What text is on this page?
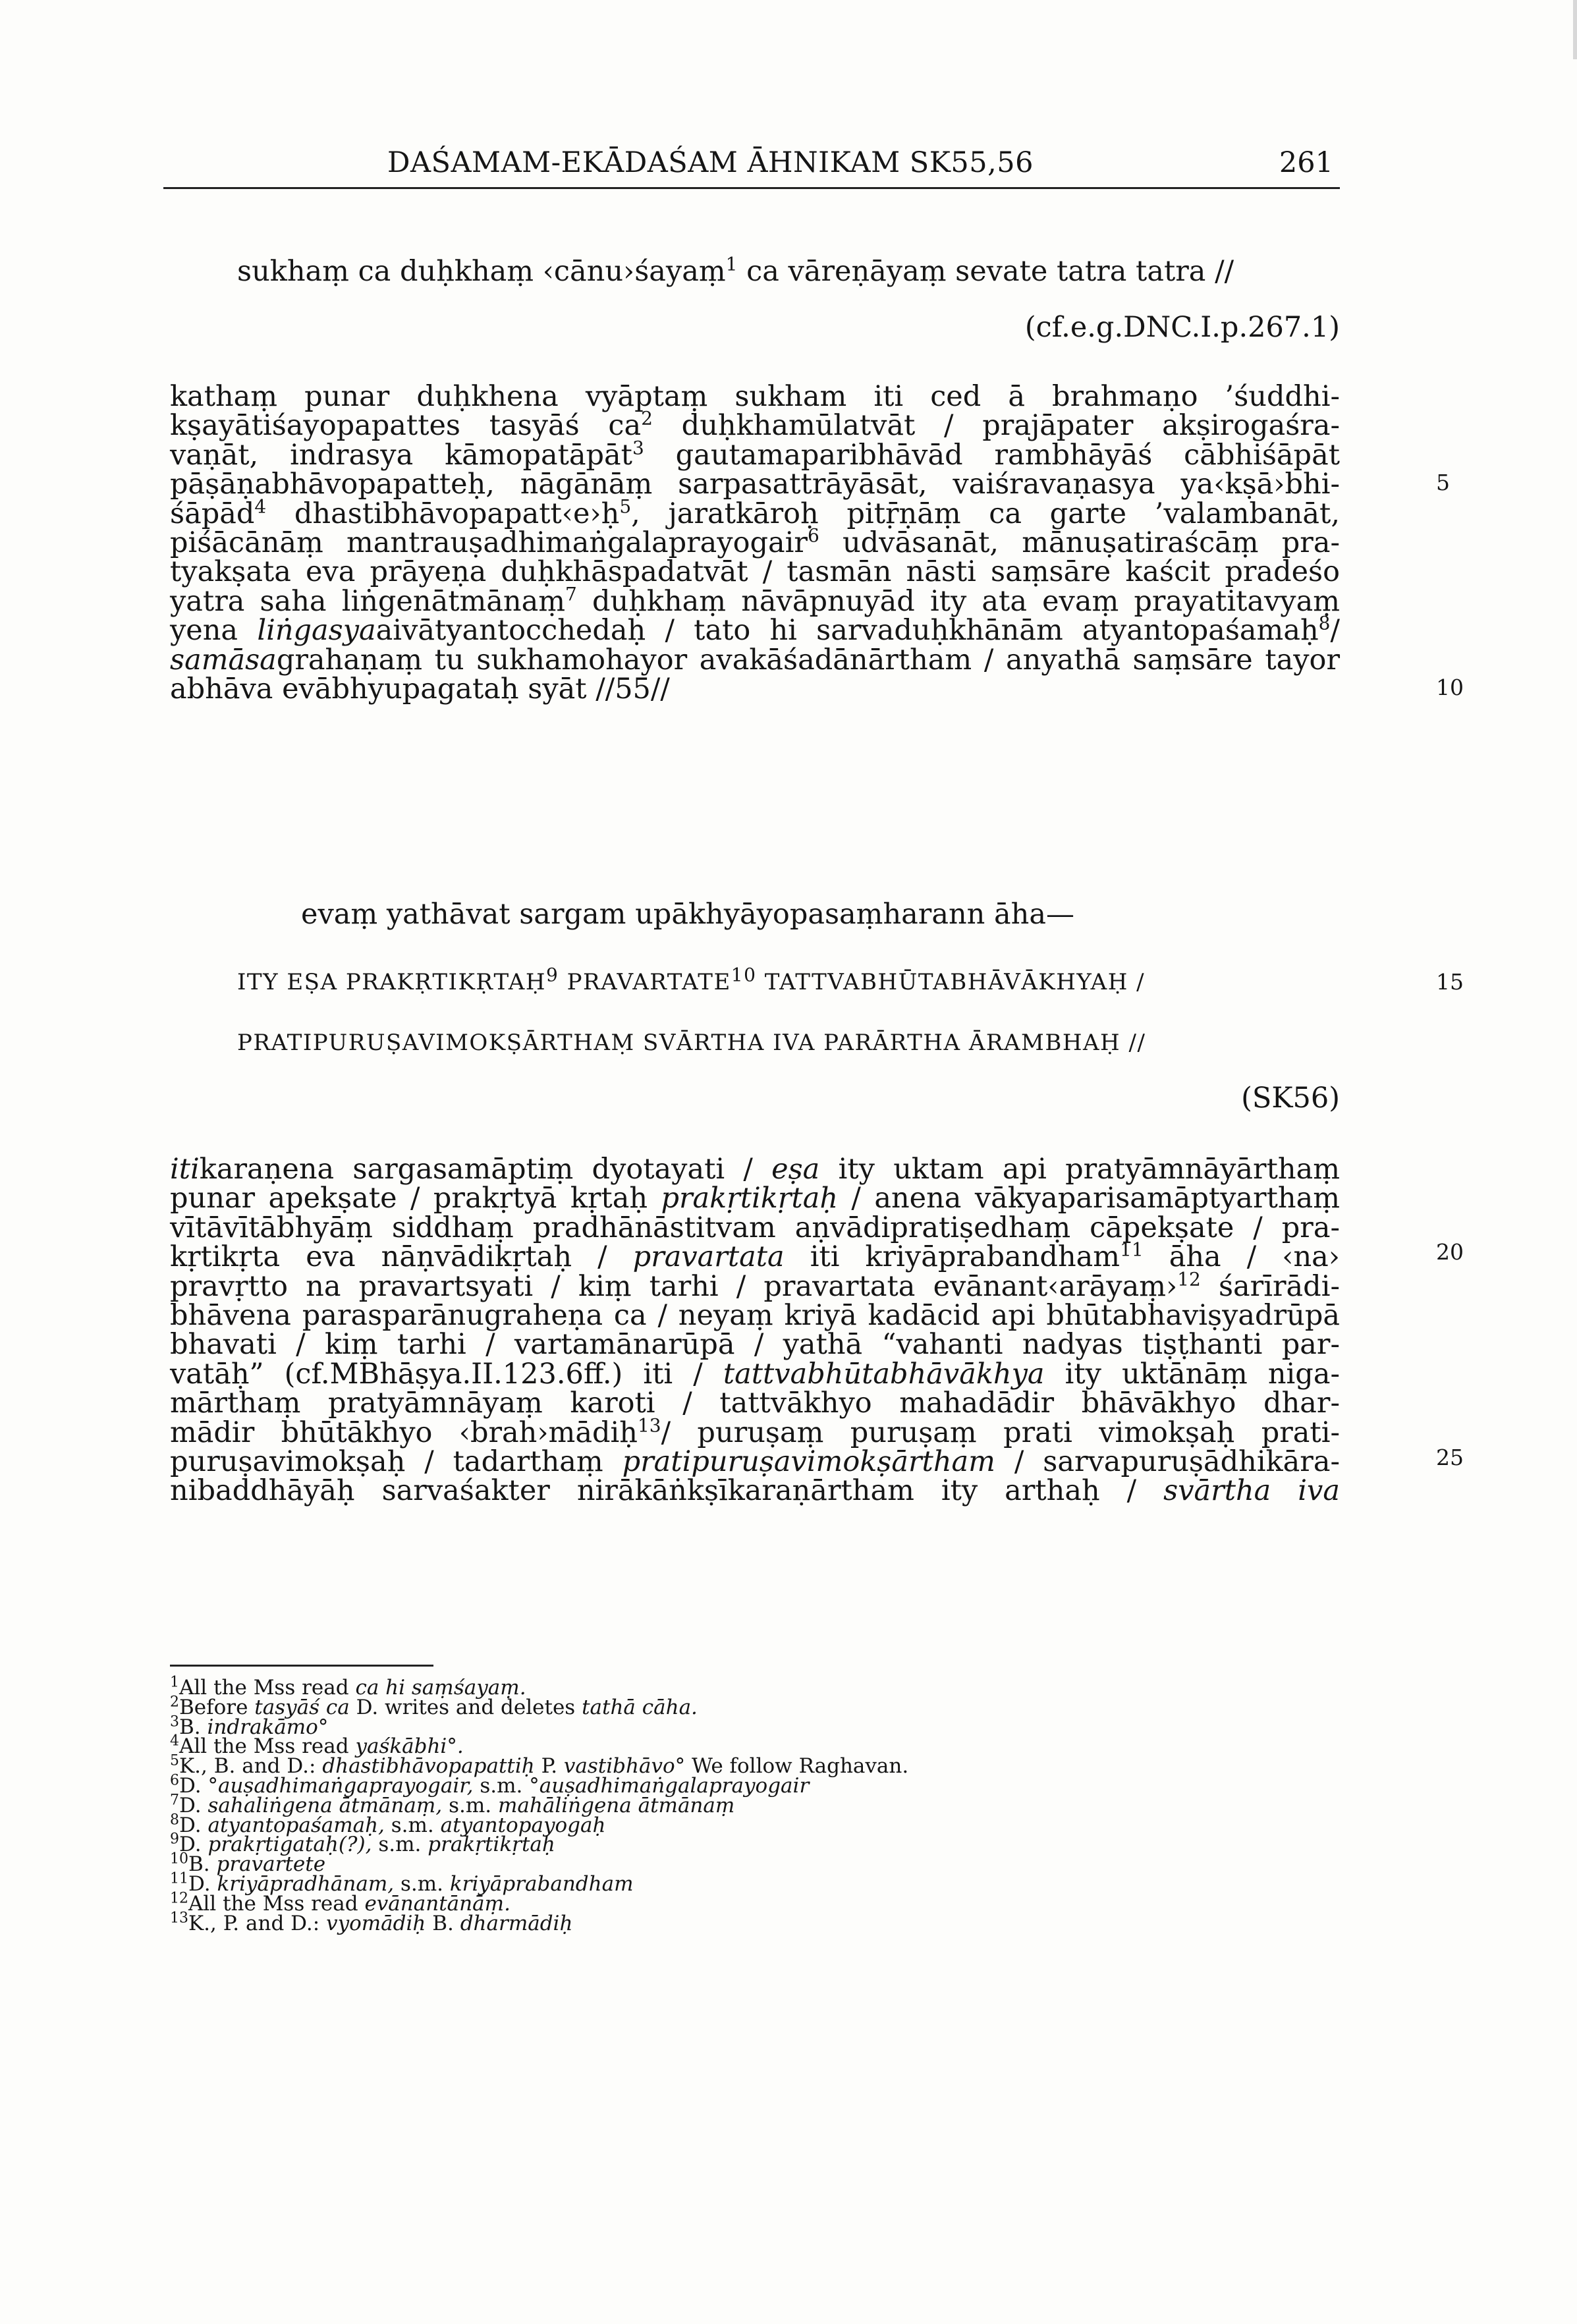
DAŚAMAM-EKĀDAŚAM ĀHNIKAM SK55,56	261
sukhaṃ ca duḥkhaṃ ‹cānu›śayaṃ$^1$ ca vāreṇāyaṃ sevate tatra tatra //
(cf.e.g.DNC.I.p.267.1)
kathaṃ punar duḥkhena vyāptaṃ sukham iti ced ā brahmaṇo ’śuddhi-
kṣayātiśayopapattes tasyāś $ca^2$ duḥkhamūlatvāt / prajāpater akṣirogaśra-
vaṇāt, indrasya kāmopatāpāt$^3$ gautamaparibhāvād rambhāyāś cābhiśāpāt
pāṣāṇabhāvopapatteḥ, nāgānāṃ sarpasattrāyāsāt, vaiśravaṇasya ya‹kṣā›bhi-
śāpād$^4$ dhastibhāvopapatt‹e›ḥ$^5$, jaratkāroḥ pitṝṇāṃ ca garte ’valambanāt,
piśācānāṃ mantrauṣadhimaṅgalaprayogair$^6$ udvāsanāt, mānuṣatiraścāṃ pra-
tyakṣata eva prāyeṇa duḥkhāspadatvāt / tasmān nāsti saṃsāre kaścit pradeśo
yatra saha liṅgenātmānaṃ$^7$ duḥkhaṃ nāvāpnuyād ity ata evaṃ prayatitavyaṃ
yena liṅgasyaaivātyantocchedaḥ / tato hi sarvaduḥkhānām atyantopaśamaḥ$^8$/
samāsagrahaṇaṃ tu sukhamohayor avakāśadānārtham / anyathā saṃsāre tayor
abhāva evābhyupagataḥ syāt //55//
evaṃ yathāvat sargam upākhyāyopasaṃharann āha—
ITY EṢA PRAKṚTIKṚTAḤ$^9$ PRAVARTATE$^{10}$ TATTVABHŪTABHĀVĀKHYAḤ /
PRATIPURUṢAVIMOKṢĀRTHAṂ SVĀRTHA IVA PARĀRTHA ĀRAMBHAḤ //
(SK56)
itikaraṇena sargasamāptiṃ dyotayati / eṣa ity uktam api pratyāmnāyārthaṃ
punar apekṣate / prakṛtyā kṛtaḥ prakṛtikṛtaḥ / anena vākyaparisamāptyarthaṃ
vītāvītābhyāṃ siddhaṃ pradhānāstitvam aṇvādipratiṣedhaṃ cāpekṣate / pra-
kṛtikṛta eva nāṇvādikṛtaḥ / pravartata iti kriyāprabandham$^{11}$ āha / ‹na›
pravṛtto na pravartsyati / kiṃ tarhi / pravartata evānant‹arāyaṃ›$^{12}$ śarīrādi-
bhāvena parasparānugraheṇa ca / neyaṃ kriyā kadācid api bhūtabhaviṣyadrūpā
bhavati / kiṃ tarhi / vartamānarūpā / yathā “vahanti nadyas tiṣṭhanti par-
vatāḥ” (cf.MBhāṣya.II.123.6ff.) iti / tattvabhūtabhāvākhya ity uktānāṃ niga-
mārthaṃ pratyāmnāyaṃ karoti / tattvākhyo mahadādir bhāvākhyo dhar-
mādir bhūtākhyo ‹brah›mādiḥ$^{13}$/ puruṣaṃ puruṣaṃ prati vimokṣaḥ prati-
puruṣavimokṣaḥ / tadarthaṃ pratipuruṣavimokṣārtham / sarvapuruṣādhikāra-
nibaddhāyāḥ sarvaśakter nirākāṅkṣīkaraṇārtham ity arthaḥ / svārtha iva
5
10
15
20
25
$^1$All the Mss read ca hi saṃśayaṃ.
$^2$Before tasyāś ca D. writes and deletes tathā cāha.
$^3$B. indrakāmo°
$^4$All the Mss read yaśkābhi°.
$^5$K., B. and D.: dhastibhāvopapattiḥ P. vastibhāvo° We follow Raghavan.
$^6$D. °auṣadhimaṅgaprayogair, s.m. °auṣadhimaṅgalaprayogair
$^7$D. sahaliṅgena ātmānaṃ, s.m. mahāliṅgena ātmānaṃ
$^8$D. atyantopaśamaḥ, s.m. atyantopayogaḥ
$^9$D. prakṛtigataḥ(?), s.m. prakṛtikṛtaḥ
$^{10}$B. pravartete
$^{11}$D. kriyāpradhānam, s.m. kriyāprabandham
$^{12}$All the Mss read evānantānāṃ.
$^{13}$K., P. and D.: vyomādiḥ B. dharmādiḥ
